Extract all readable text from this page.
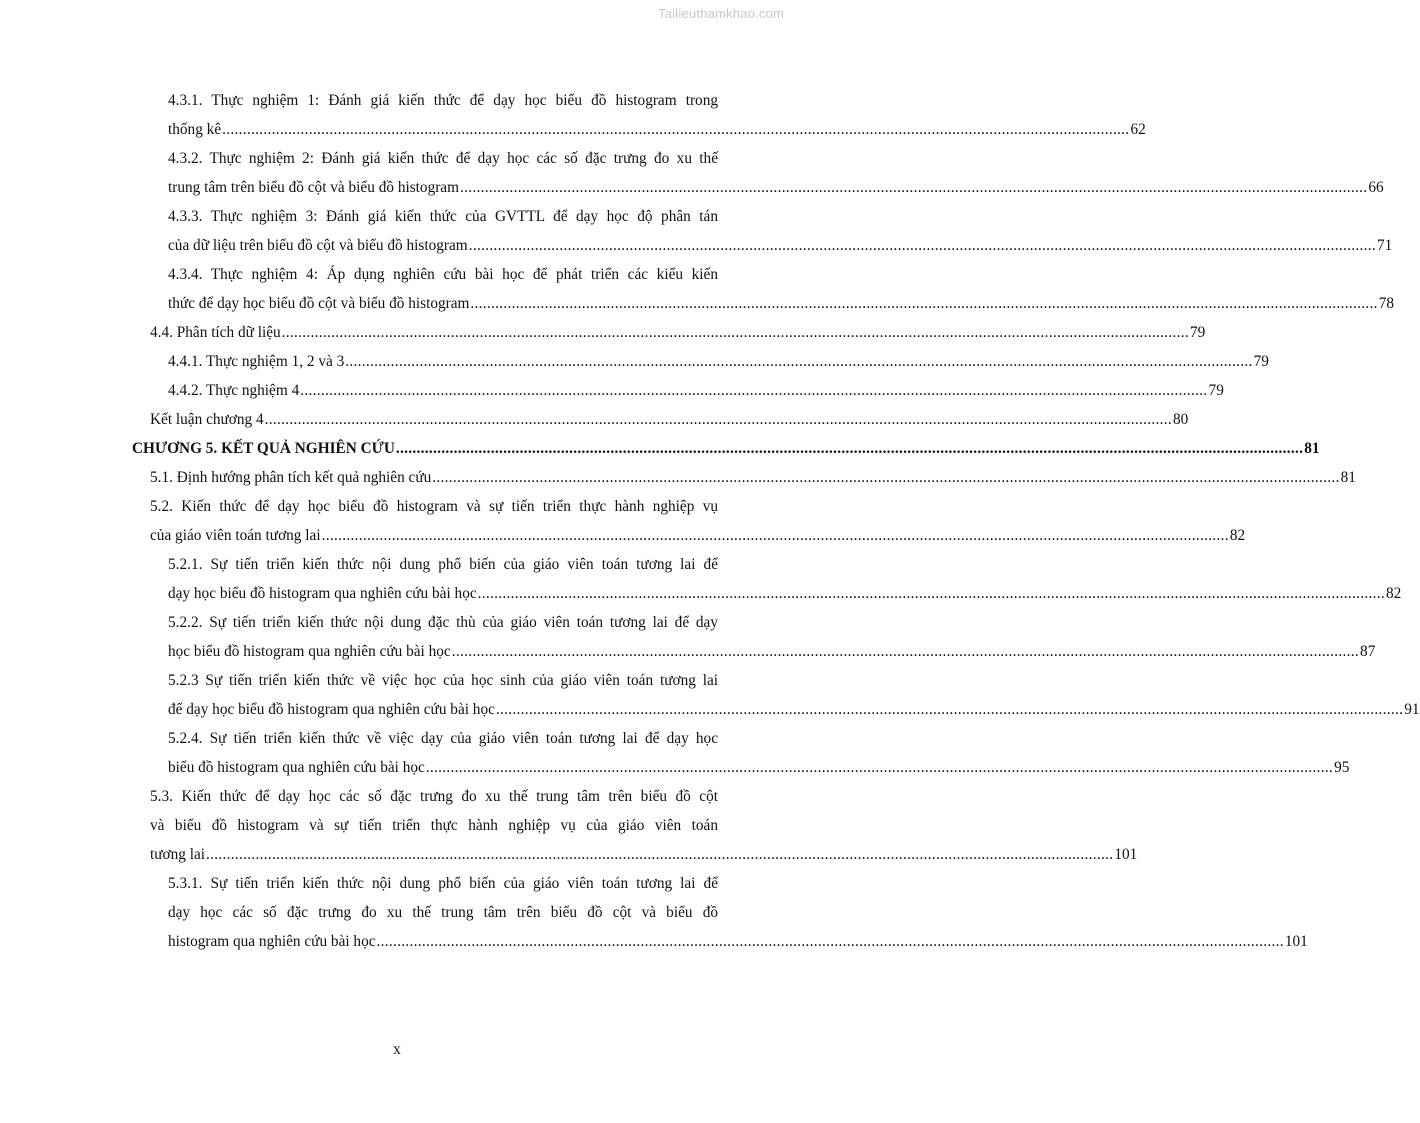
Tailieuthamkhao.com
4.3.1. Thực nghiệm 1: Đánh giá kiến thức để dạy học biểu đồ histogram trong
thống kê ............................................................................................................................................................................................................................ 62
4.3.2. Thực nghiệm 2: Đánh giá kiến thức để dạy học các số đặc trưng đo xu thế
trung tâm trên biểu đồ cột và biểu đồ histogram ............................................................................................................................................................................................................................ 66
4.3.3. Thực nghiệm 3: Đánh giá kiến thức của GVTTL để dạy học độ phân tán
của dữ liệu trên biểu đồ cột và biểu đồ histogram ............................................................................................................................................................................................................................ 71
4.3.4. Thực nghiệm 4: Áp dụng nghiên cứu bài học để phát triển các kiểu kiến
thức để dạy học biểu đồ cột và biểu đồ histogram ............................................................................................................................................................................................................................ 78
4.4. Phân tích dữ liệu ............................................................................................................................................................................................................................ 79
4.4.1. Thực nghiệm 1, 2 và 3 ............................................................................................................................................................................................................................ 79
4.4.2. Thực nghiệm 4 ............................................................................................................................................................................................................................ 79
Kết luận chương 4 ............................................................................................................................................................................................................................ 80
CHƯƠNG 5. KẾT QUẢ NGHIÊN CỨU ............................................................................................................................................................................................................................ 81
5.1. Định hướng phân tích kết quả nghiên cứu ............................................................................................................................................................................................................................ 81
5.2. Kiến thức để dạy học biểu đồ histogram và sự tiến triển thực hành nghiệp vụ
của giáo viên toán tương lai ............................................................................................................................................................................................................................ 82
5.2.1. Sự tiến triển kiến thức nội dung phổ biến của giáo viên toán tương lai để
dạy học biểu đồ histogram qua nghiên cứu bài học ............................................................................................................................................................................................................................ 82
5.2.2. Sự tiến triển kiến thức nội dung đặc thù của giáo viên toán tương lai để dạy
học biểu đồ histogram qua nghiên cứu bài học ............................................................................................................................................................................................................................ 87
5.2.3 Sự tiến triển kiến thức về việc học của học sinh của giáo viên toán tương lai
để dạy học biểu đồ histogram qua nghiên cứu bài học ............................................................................................................................................................................................................................ 91
5.2.4. Sự tiến triển kiến thức về việc dạy của giáo viên toán tương lai để dạy học
biểu đồ histogram qua nghiên cứu bài học ............................................................................................................................................................................................................................ 95
5.3. Kiến thức để dạy học các số đặc trưng đo xu thế trung tâm trên biểu đồ cột
và biểu đồ histogram và sự tiến triển thực hành nghiệp vụ của giáo viên toán
tương lai ............................................................................................................................................................................................................................ 101
5.3.1. Sự tiến triển kiến thức nội dung phổ biến của giáo viên toán tương lai để
dạy học các số đặc trưng đo xu thế trung tâm trên biểu đồ cột và biểu đồ
histogram qua nghiên cứu bài học ............................................................................................................................................................................................................................ 101
x
